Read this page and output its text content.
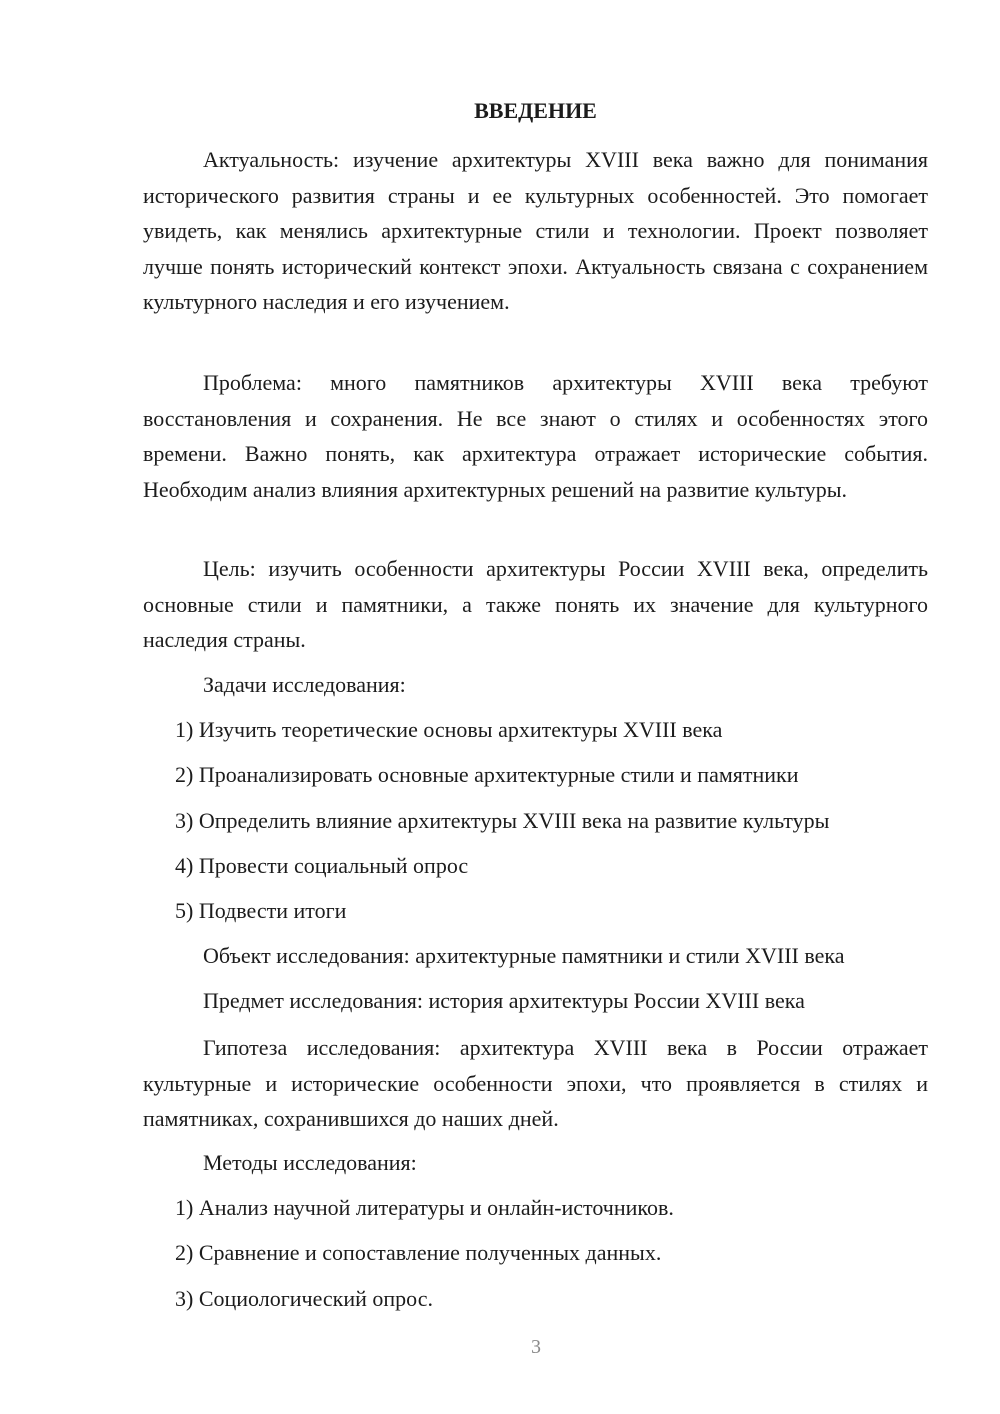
ВВЕДЕНИЕ

Актуальность: изучение архитектуры XVIII века важно для понимания исторического развития страны и ее культурных особенностей. Это помогает увидеть, как менялись архитектурные стили и технологии. Проект позволяет лучше понять исторический контекст эпохи. Актуальность связана с сохранением культурного наследия и его изучением.

Проблема: много памятников архитектуры XVIII века требуют восстановления и сохранения. Не все знают о стилях и особенностях этого времени. Важно понять, как архитектура отражает исторические события. Необходим анализ влияния архитектурных решений на развитие культуры.

Цель: изучить особенности архитектуры России XVIII века, определить основные стили и памятники, а также понять их значение для культурного наследия страны.

Задачи исследования:

1) Изучить теоретические основы архитектуры XVIII века

2) Проанализировать основные архитектурные стили и памятники

3) Определить влияние архитектуры XVIII века на развитие культуры

4) Провести социальный опрос

5) Подвести итоги

Объект исследования: архитектурные памятники и стили XVIII века

Предмет исследования: история архитектуры России XVIII века

Гипотеза исследования: архитектура XVIII века в России отражает культурные и исторические особенности эпохи, что проявляется в стилях и памятниках, сохранившихся до наших дней.

Методы исследования:

1) Анализ научной литературы и онлайн-источников.

2) Сравнение и сопоставление полученных данных.

3) Социологический опрос.

3
